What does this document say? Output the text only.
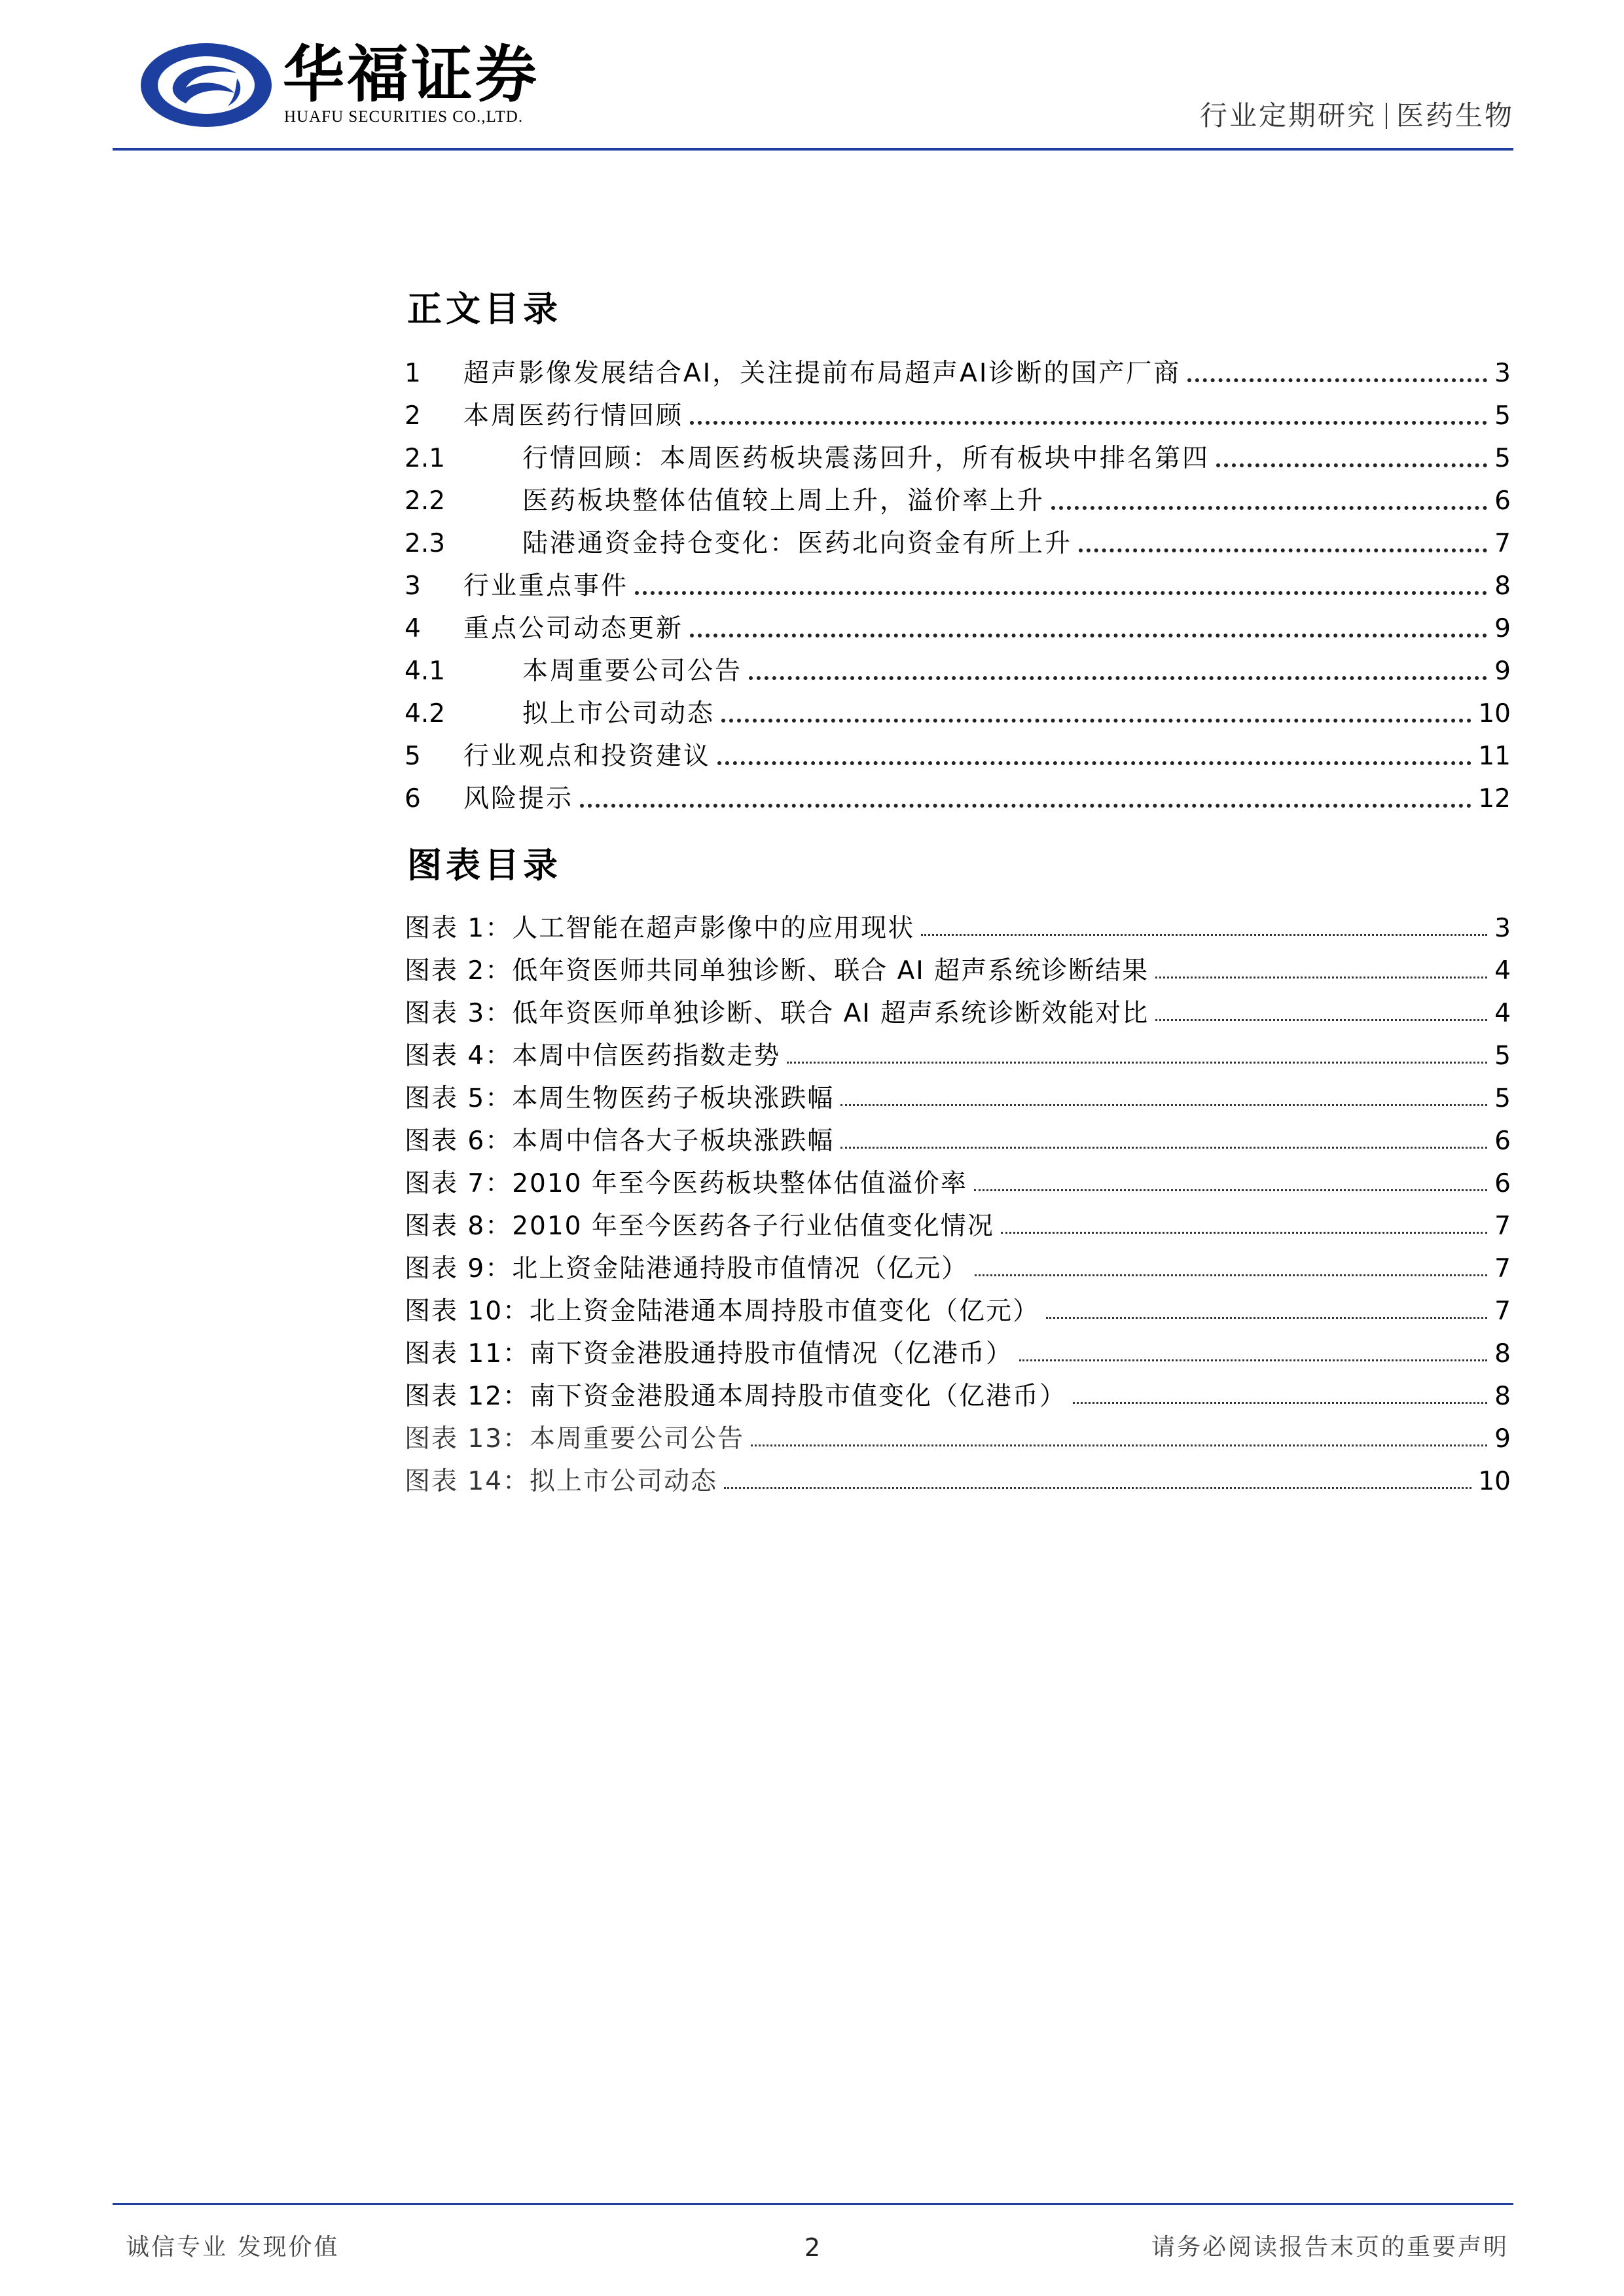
华福证券
HUAFU SECURITIES CO.,LTD.	行业定期研究 医药生物
正文目录
1	超声影像发展结合AI，关注提前布局超声AI诊断的国产厂商	3
2	本周医药行情回顾	5
2.1	行情回顾：本周医药板块震荡回升，所有板块中排名第四	5
2.2	医药板块整体估值较上周上升，溢价率上升	6
2.3	陆港通资金持仓变化：医药北向资金有所上升	7
3	行业重点事件	8
4	重点公司动态更新	9
4.1	本周重要公司公告	9
4.2	拟上市公司动态	10
5	行业观点和投资建议	11
6	风险提示	12
图表目录
图表 1：人工智能在超声影像中的应用现状	3
图表 2：低年资医师共同单独诊断、联合 AI 超声系统诊断结果	4
图表 3：低年资医师单独诊断、联合 AI 超声系统诊断效能对比	4
图表 4：本周中信医药指数走势	5
图表 5：本周生物医药子板块涨跌幅	5
图表 6：本周中信各大子板块涨跌幅	6
图表 7：2010 年至今医药板块整体估值溢价率	6
图表 8：2010 年至今医药各子行业估值变化情况	7
图表 9：北上资金陆港通持股市值情况（亿元）	7
图表 10：北上资金陆港通本周持股市值变化（亿元）	7
图表 11：南下资金港股通持股市值情况（亿港币）	8
图表 12：南下资金港股通本周持股市值变化（亿港币）	8
图表 13：本周重要公司公告	9
图表 14：拟上市公司动态	10
诚信专业 发现价值	2	请务必阅读报告末页的重要声明
